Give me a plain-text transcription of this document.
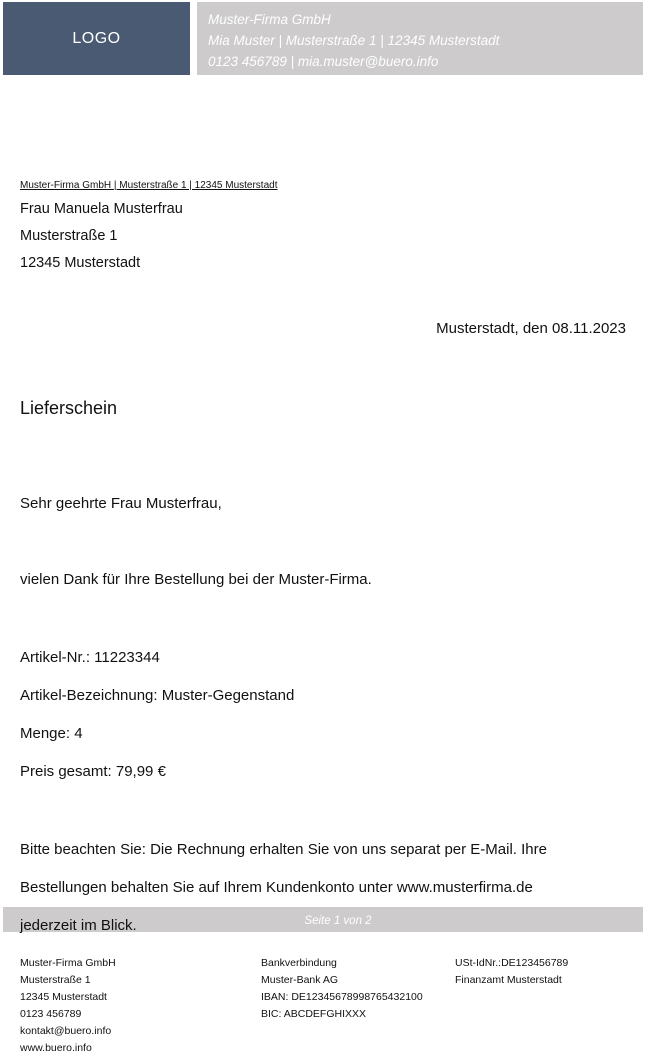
LOGO
Muster-Firma GmbH
Mia Muster | Musterstraße 1 | 12345 Musterstadt
0123 456789 | mia.muster@buero.info
Muster-Firma GmbH | Musterstraße 1 | 12345 Musterstadt
Frau Manuela Musterfrau
Musterstraße 1
12345 Musterstadt
Musterstadt, den 08.11.2023
Lieferschein
Sehr geehrte Frau Musterfrau,
vielen Dank für Ihre Bestellung bei der Muster-Firma.
Artikel-Nr.: 11223344
Artikel-Bezeichnung: Muster-Gegenstand
Menge: 4
Preis gesamt: 79,99 €
Seite 1 von 2
Bitte beachten Sie: Die Rechnung erhalten Sie von uns separat per E-Mail. Ihre
Bestellungen behalten Sie auf Ihrem Kundenkonto unter www.musterfirma.de
jederzeit im Blick.
Muster-Firma GmbH
Musterstraße 1
12345 Musterstadt
0123 456789
kontakt@buero.info
www.buero.info
Bankverbindung
Muster-Bank AG
IBAN: DE12345678998765432100
BIC: ABCDEFGHIXXX
USt-IdNr.:DE123456789
Finanzamt Musterstadt
